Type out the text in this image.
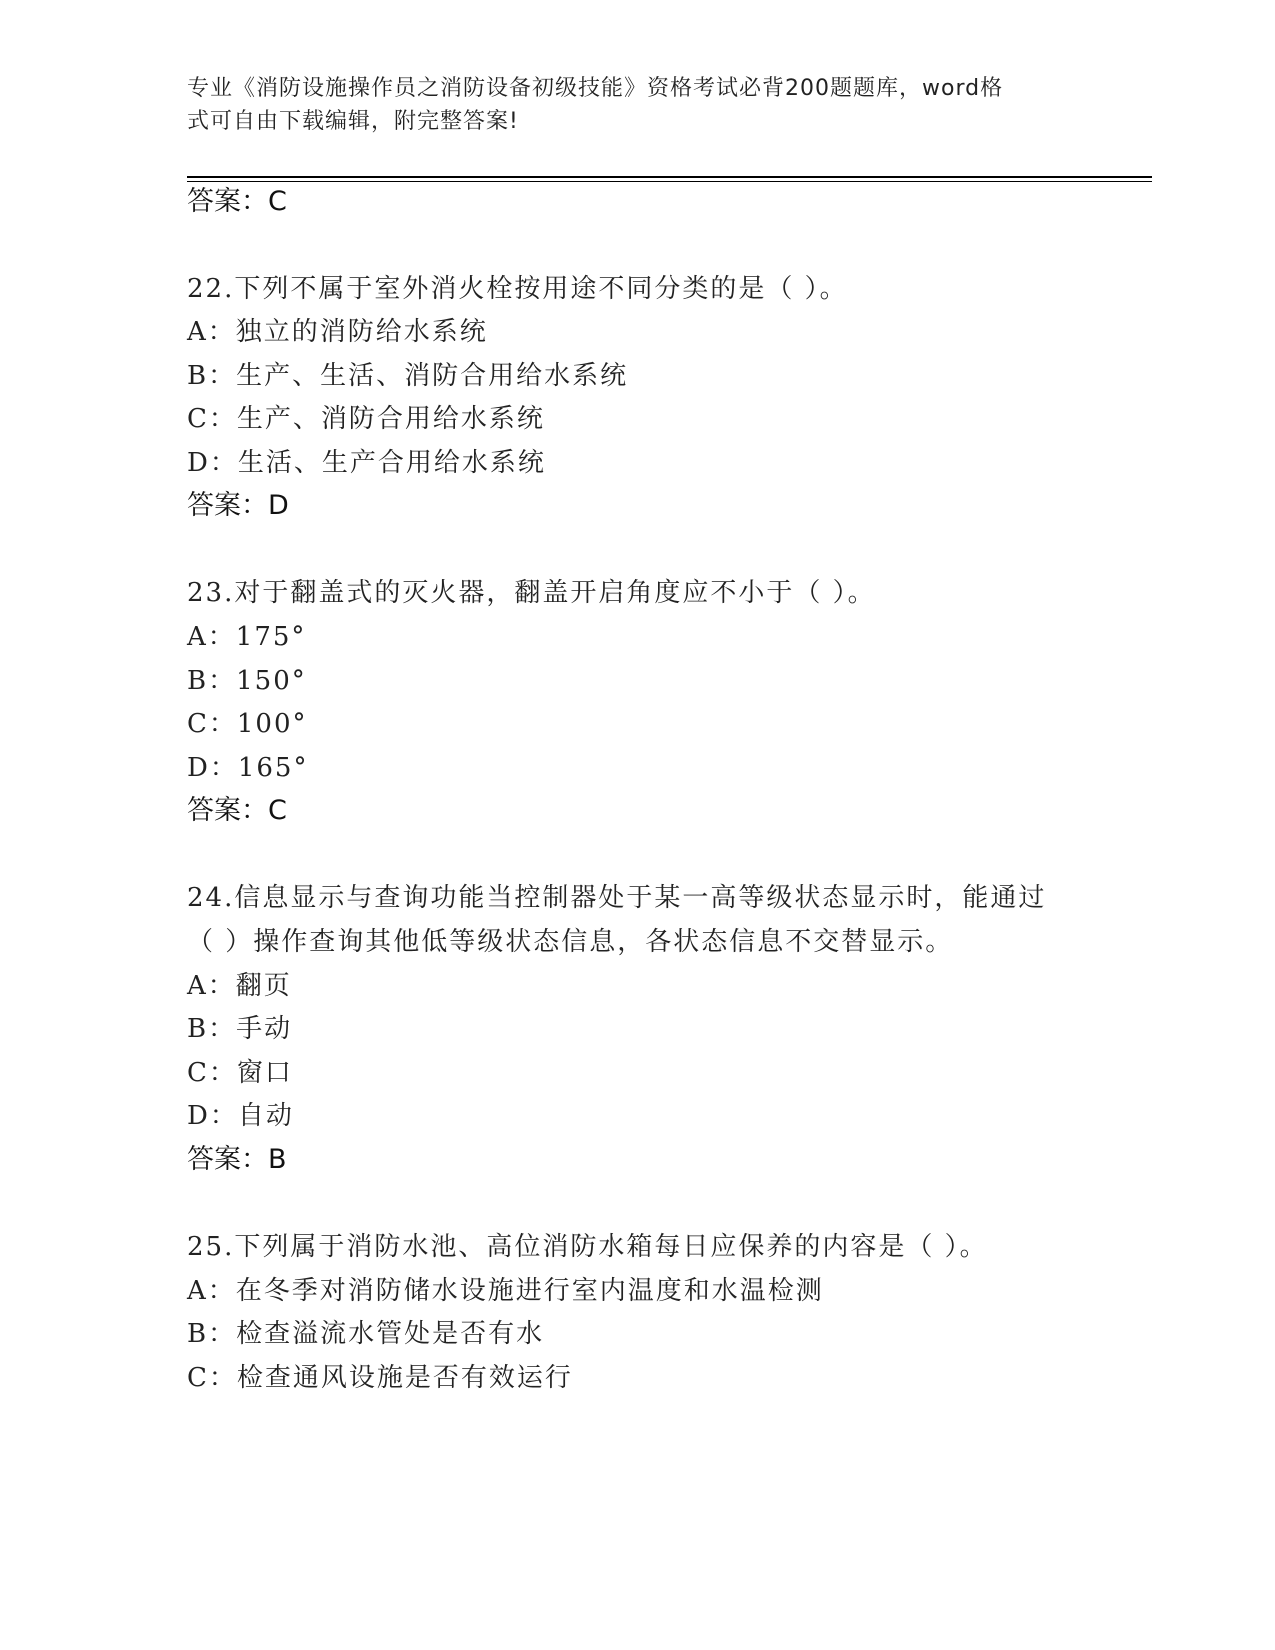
专业《消防设施操作员之消防设备初级技能》资格考试必背200题题库，word格
式可自由下载编辑，附完整答案!
答案：C
22.下列不属于室外消火栓按用途不同分类的是（ ）。
A：独立的消防给水系统
B：生产、生活、消防合用给水系统
C：生产、消防合用给水系统
D：生活、生产合用给水系统
答案：D
23.对于翻盖式的灭火器，翻盖开启角度应不小于（ ）。
A：175°
B：150°
C：100°
D：165°
答案：C
24.信息显示与查询功能当控制器处于某一高等级状态显示时，能通过
（ ）操作查询其他低等级状态信息，各状态信息不交替显示。
A：翻页
B：手动
C：窗口
D：自动
答案：B
25.下列属于消防水池、高位消防水箱每日应保养的内容是（ ）。
A：在冬季对消防储水设施进行室内温度和水温检测
B：检查溢流水管处是否有水
C：检查通风设施是否有效运行
